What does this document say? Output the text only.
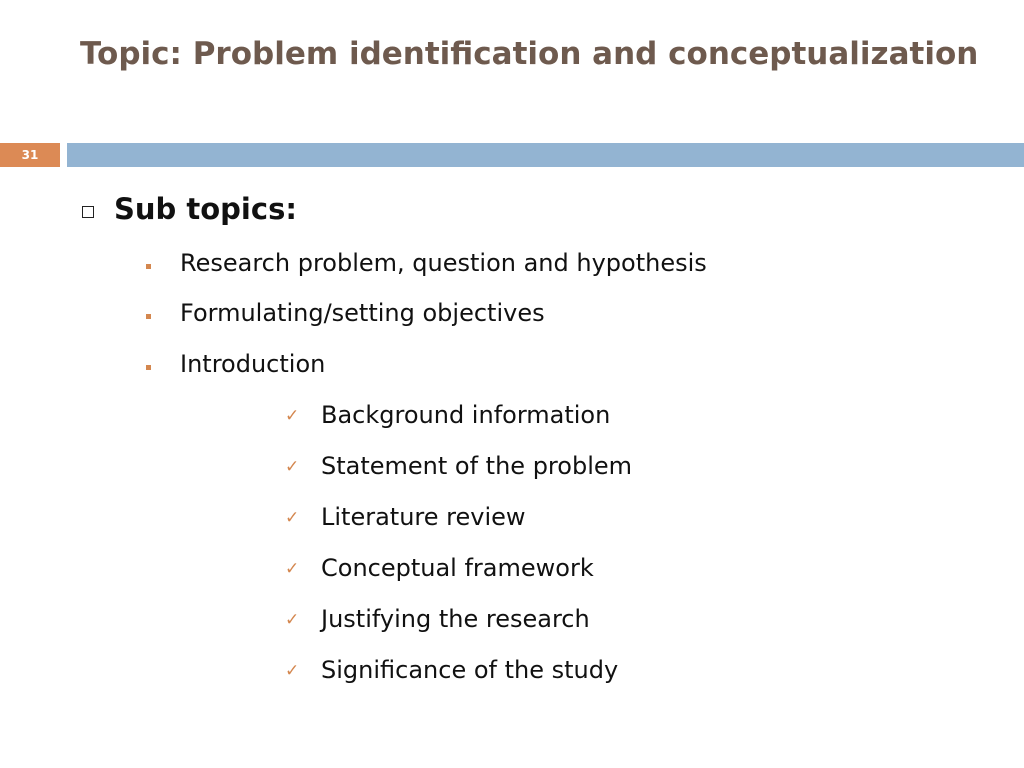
Topic: Problem identification and conceptualization
31
Sub topics:
Research problem, question and hypothesis
Formulating/setting objectives
Introduction
✓ Background information
✓ Statement of the problem
✓ Literature review
✓ Conceptual framework
✓ Justifying the research
✓ Significance of the study
